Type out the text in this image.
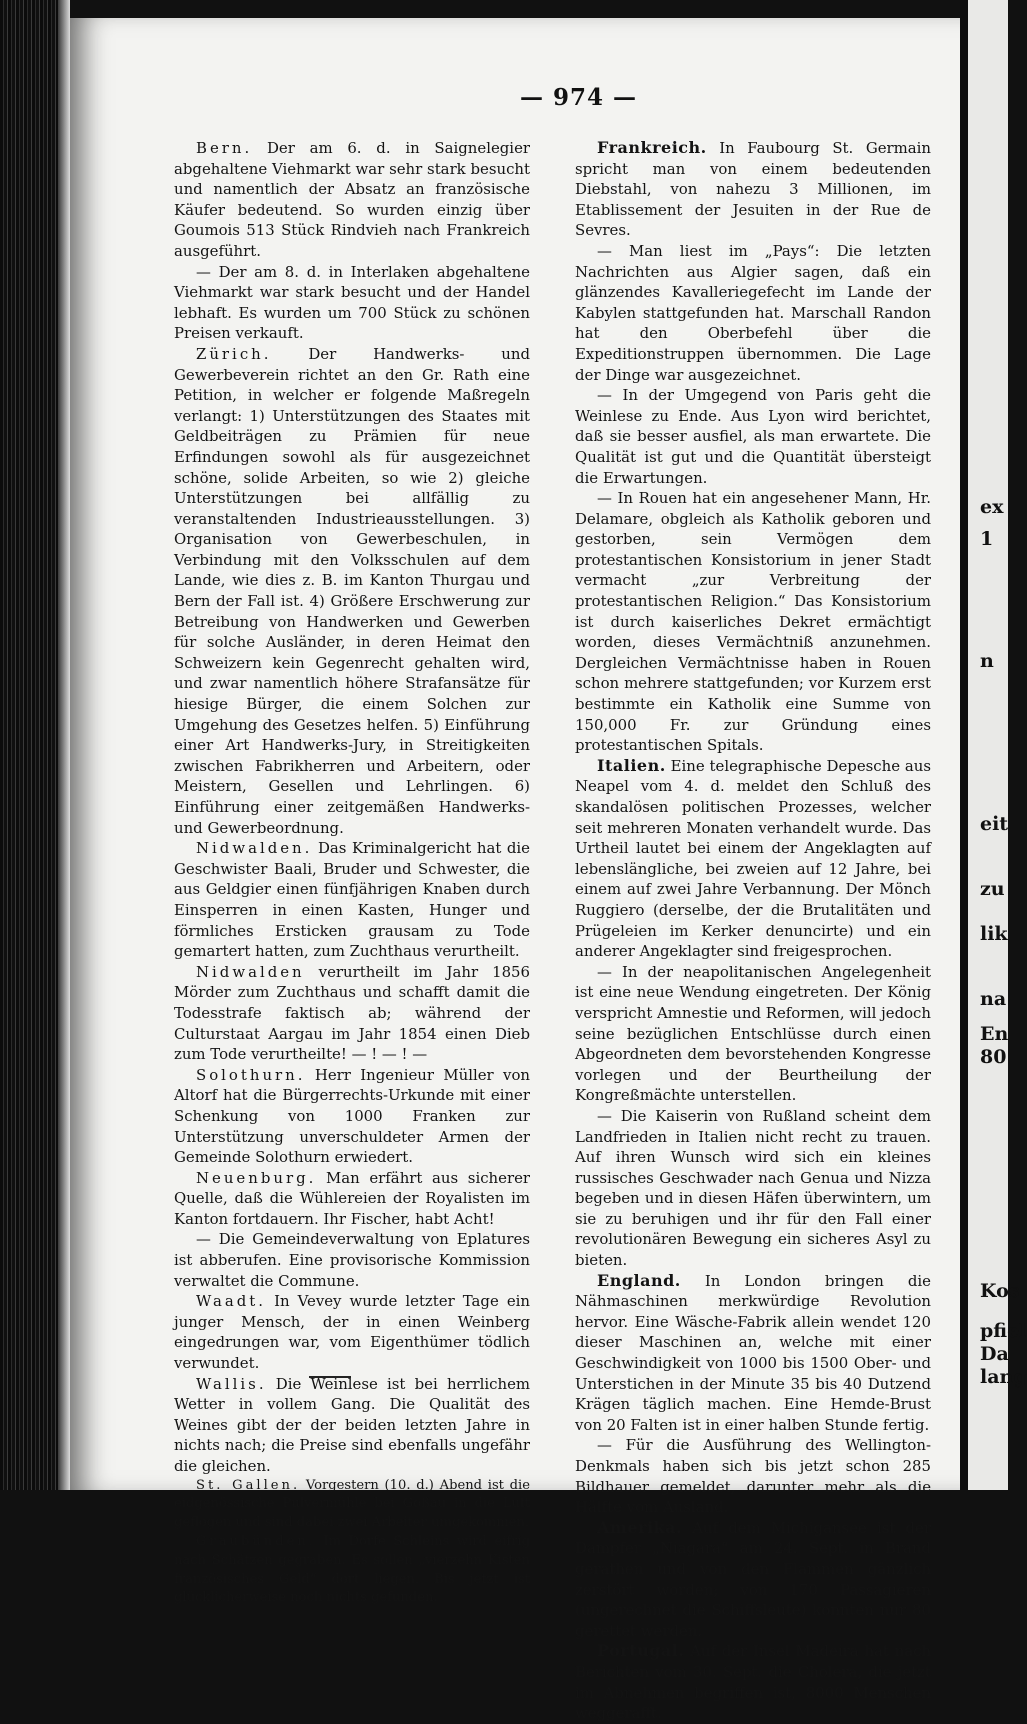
— 974 —

Bern. Der am 6. d. in Saignelegier abgehaltene Viehmarkt war sehr stark besucht und namentlich der Absatz an französische Käufer bedeutend. So wurden einzig über Goumois 513 Stück Rindvieh nach Frankreich ausgeführt.

— Der am 8. d. in Interlaken abgehaltene Viehmarkt war stark besucht und der Handel lebhaft. Es wurden um 700 Stück zu schönen Preisen verkauft.

Zürich. Der Handwerks- und Gewerbeverein richtet an den Gr. Rath eine Petition, in welcher er folgende Maßregeln verlangt: 1) Unterstützungen des Staates mit Geldbeiträgen zu Prämien für neue Erfindungen sowohl als für ausgezeichnet schöne, solide Arbeiten, so wie 2) gleiche Unterstützungen bei allfällig zu veranstaltenden Industrieausstellungen. 3) Organisation von Gewerbeschulen, in Verbindung mit den Volksschulen auf dem Lande, wie dies z. B. im Kanton Thurgau und Bern der Fall ist. 4) Größere Erschwerung zur Betreibung von Handwerken und Gewerben für solche Ausländer, in deren Heimat den Schweizern kein Gegenrecht gehalten wird, und zwar namentlich höhere Strafansätze für hiesige Bürger, die einem Solchen zur Umgehung des Gesetzes helfen. 5) Einführung einer Art Handwerks-Jury, in Streitigkeiten zwischen Fabrikherren und Arbeitern, oder Meistern, Gesellen und Lehrlingen. 6) Einführung einer zeitgemäßen Handwerks- und Gewerbeordnung.

Nidwalden. Das Kriminalgericht hat die Geschwister Baali, Bruder und Schwester, die aus Geldgier einen fünfjährigen Knaben durch Einsperren in einen Kasten, Hunger und förmliches Ersticken grausam zu Tode gemartert hatten, zum Zuchthaus verurtheilt.

Nidwalden verurtheilt im Jahr 1856 Mörder zum Zuchthaus und schafft damit die Todesstrafe faktisch ab; während der Culturstaat Aargau im Jahr 1854 einen Dieb zum Tode verurtheilte! — ! — ! —

Solothurn. Herr Ingenieur Müller von Altorf hat die Bürgerrechts-Urkunde mit einer Schenkung von 1000 Franken zur Unterstützung unverschuldeter Armen der Gemeinde Solothurn erwiedert.

Neuenburg. Man erfährt aus sicherer Quelle, daß die Wühlereien der Royalisten im Kanton fortdauern. Ihr Fischer, habt Acht!

— Die Gemeindeverwaltung von Eplatures ist abberufen. Eine provisorische Kommission verwaltet die Commune.

Waadt. In Vevey wurde letzter Tage ein junger Mensch, der in einen Weinberg eingedrungen war, vom Eigenthümer tödlich verwundet.

Wallis. Die Weinlese ist bei herrlichem Wetter in vollem Gang. Die Qualität des Weines gibt der der beiden letzten Jahre in nichts nach; die Preise sind ebenfalls ungefähr die gleichen.

St. Gallen. Vorgestern (10. d.) Abend ist die eidgenössische Pulvermühle bei Goßau in die Luft geflogen und sind dabei zwei Arbeiter umgekommen.

Graubünden. Im Dorfe Schleins wird eifrig nach Schätzen gegraben. Es sollen „vierzehn Kisten französisches Geld“ dort liegen. Bis jetzt ist glücklicherweise noch nichts gefunden.

Frankreich. In Faubourg St. Germain spricht man von einem bedeutenden Diebstahl, von nahezu 3 Millionen, im Etablissement der Jesuiten in der Rue de Sevres.

— Man liest im „Pays“: Die letzten Nachrichten aus Algier sagen, daß ein glänzendes Kavalleriegefecht im Lande der Kabylen stattgefunden hat. Marschall Randon hat den Oberbefehl über die Expeditionstruppen übernommen. Die Lage der Dinge war ausgezeichnet.

— In der Umgegend von Paris geht die Weinlese zu Ende. Aus Lyon wird berichtet, daß sie besser ausfiel, als man erwartete. Die Qualität ist gut und die Quantität übersteigt die Erwartungen.

— In Rouen hat ein angesehener Mann, Hr. Delamare, obgleich als Katholik geboren und gestorben, sein Vermögen dem protestantischen Konsistorium in jener Stadt vermacht „zur Verbreitung der protestantischen Religion.“ Das Konsistorium ist durch kaiserliches Dekret ermächtigt worden, dieses Vermächtniß anzunehmen. Dergleichen Vermächtnisse haben in Rouen schon mehrere stattgefunden; vor Kurzem erst bestimmte ein Katholik eine Summe von 150,000 Fr. zur Gründung eines protestantischen Spitals.

Italien. Eine telegraphische Depesche aus Neapel vom 4. d. meldet den Schluß des skandalösen politischen Prozesses, welcher seit mehreren Monaten verhandelt wurde. Das Urtheil lautet bei einem der Angeklagten auf lebenslängliche, bei zweien auf 12 Jahre, bei einem auf zwei Jahre Verbannung. Der Mönch Ruggiero (derselbe, der die Brutalitäten und Prügeleien im Kerker denuncirte) und ein anderer Angeklagter sind freigesprochen.

— In der neapolitanischen Angelegenheit ist eine neue Wendung eingetreten. Der König verspricht Amnestie und Reformen, will jedoch seine bezüglichen Entschlüsse durch einen Abgeordneten dem bevorstehenden Kongresse vorlegen und der Beurtheilung der Kongreßmächte unterstellen.

— Die Kaiserin von Rußland scheint dem Landfrieden in Italien nicht recht zu trauen. Auf ihren Wunsch wird sich ein kleines russisches Geschwader nach Genua und Nizza begeben und in diesen Häfen überwintern, um sie zu beruhigen und ihr für den Fall einer revolutionären Bewegung ein sicheres Asyl zu bieten.

England. In London bringen die Nähmaschinen merkwürdige Revolution hervor. Eine Wäsche-Fabrik allein wendet 120 dieser Maschinen an, welche mit einer Geschwindigkeit von 1000 bis 1500 Ober- und Unterstichen in der Minute 35 bis 40 Dutzend Krägen täglich machen. Eine Hemde-Brust von 20 Falten ist in einer halben Stunde fertig.

— Für die Ausführung des Wellington-Denkmals haben sich bis jetzt schon 285 Bildhauer gemeldet, darunter mehr als die Hälfte vom Ausland.

Amerika. Auf dem Michigansee ist der Dampfer „Niagara“ am 24. Sept. in Brand gerathen und von den Flammen gänzlich zerstört worden; von 170 Passagieren (ungerechnet die Schiffsleute) konnten nur 80 gerettet werden.

Portugal. Auf der Insel Madeira hat nach Berichten vom 30. Sept. die Cholera, die jetzt im Abnehmen begriffen ist, 8000 Menschen weggerafft.

ex
1
n
eit
zu
lik
na
En
80
Kos
pfiel
Da
lang
